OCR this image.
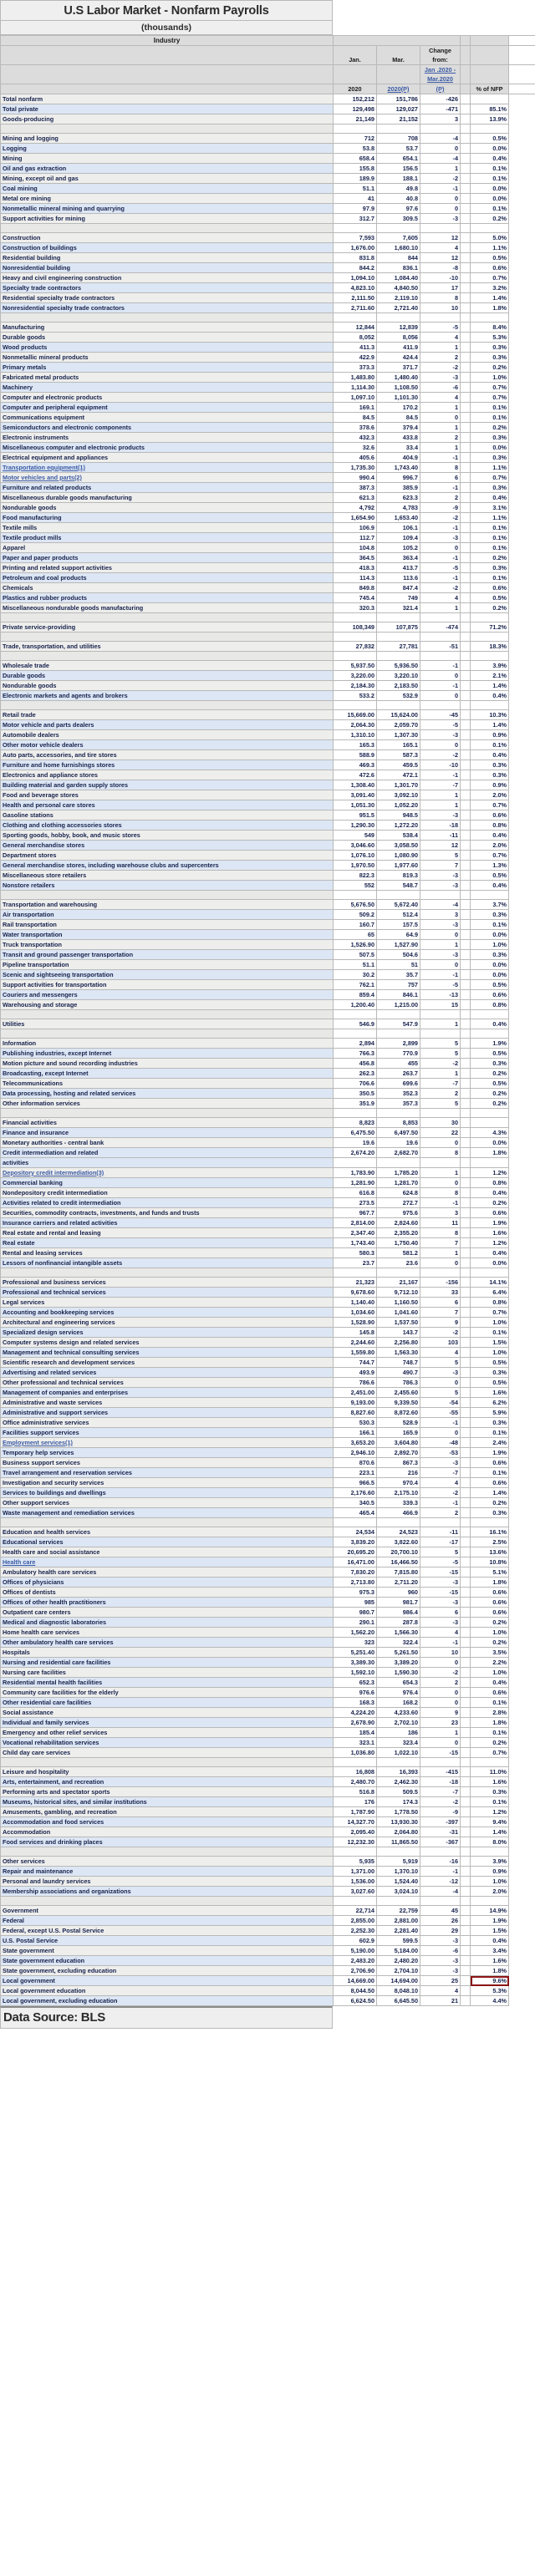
U.S Labor Market - Nonfarm Payrolls
(thousands)
Industry						
	Jan.	Mar.	Change from:			

			Jan .2020 -
Mar.2020			

	2020	2020(P)	(P)		% of NFP	
Total nonfarm	152,212	151,786	-426			
Total private	129,498	129,027	-471		85.1%	
Goods-producing	21,149	21,152	3		13.9%	

Mining and logging	712	708	-4		0.5%	
Logging	53.8	53.7	0		0.0%	
Mining	658.4	654.1	-4		0.4%	
Oil and gas extraction	155.8	156.5	1		0.1%	
Mining, except oil and gas	189.9	188.1	-2		0.1%	
Coal mining	51.1	49.8	-1		0.0%	
Metal ore mining	41	40.8	0		0.0%	
Nonmetallic mineral mining and quarrying	97.9	97.6	0		0.1%	
Support activities for mining	312.7	309.5	-3		0.2%	

Construction	7,593	7,605	12		5.0%	
Construction of buildings	1,676.00	1,680.10	4		1.1%	
Residential building	831.8	844	12		0.5%	
Nonresidential building	844.2	836.1	-8		0.6%	
Heavy and civil engineering construction	1,094.10	1,084.40	-10		0.7%	
Specialty trade contractors	4,823.10	4,840.50	17		3.2%	
Residential specialty trade contractors	2,111.50	2,119.10	8		1.4%	
Nonresidential specialty trade contractors	2,711.60	2,721.40	10		1.8%	

Manufacturing	12,844	12,839	-5		8.4%	
Durable goods	8,052	8,056	4		5.3%	
Wood products	411.3	411.9	1		0.3%	
Nonmetallic mineral products	422.9	424.4	2		0.3%	
Primary metals	373.3	371.7	-2		0.2%	
Fabricated metal products	1,483.80	1,480.40	-3		1.0%	
Machinery	1,114.30	1,108.50	-6		0.7%	
Computer and electronic products	1,097.10	1,101.30	4		0.7%	
Computer and peripheral equipment	169.1	170.2	1		0.1%	
Communications equipment	84.5	84.5	0		0.1%	
Semiconductors and electronic components	378.6	379.4	1		0.2%	
Electronic instruments	432.3	433.8	2		0.3%	
Miscellaneous computer and electronic products	32.6	33.4	1		0.0%	
Electrical equipment and appliances	405.6	404.9	-1		0.3%	
Transportation equipment(1)	1,735.30	1,743.40	8		1.1%	
Motor vehicles and parts(2)	990.4	996.7	6		0.7%	
Furniture and related products	387.3	385.9	-1		0.3%	
Miscellaneous durable goods manufacturing	621.3	623.3	2		0.4%	
Nondurable goods	4,792	4,783	-9		3.1%	
Food manufacturing	1,654.90	1,653.40	-2		1.1%	
Textile mills	106.9	106.1	-1		0.1%	
Textile product mills	112.7	109.4	-3		0.1%	
Apparel	104.8	105.2	0		0.1%	
Paper and paper products	364.5	363.4	-1		0.2%	
Printing and related support activities	418.3	413.7	-5		0.3%	
Petroleum and coal products	114.3	113.6	-1		0.1%	
Chemicals	849.8	847.4	-2		0.6%	
Plastics and rubber products	745.4	749	4		0.5%	
Miscellaneous nondurable goods manufacturing	320.3	321.4	1		0.2%	

Private service-providing	108,349	107,875	-474		71.2%	

Trade, transportation, and utilities	27,832	27,781	-51		18.3%	

Wholesale trade	5,937.50	5,936.50	-1		3.9%	
Durable goods	3,220.00	3,220.10	0		2.1%	
Nondurable goods	2,184.30	2,183.50	-1		1.4%	
Electronic markets and agents and brokers	533.2	532.9	0		0.4%	

Retail trade	15,669.00	15,624.00	-45		10.3%	
Motor vehicle and parts dealers	2,064.30	2,059.70	-5		1.4%	
Automobile dealers	1,310.10	1,307.30	-3		0.9%	
Other motor vehicle dealers	165.3	165.1	0		0.1%	
Auto parts, accessories, and tire stores	588.9	587.3	-2		0.4%	
Furniture and home furnishings stores	469.3	459.5	-10		0.3%	
Electronics and appliance stores	472.6	472.1	-1		0.3%	
Building material and garden supply stores	1,308.40	1,301.70	-7		0.9%	
Food and beverage stores	3,091.40	3,092.10	1		2.0%	
Health and personal care stores	1,051.30	1,052.20	1		0.7%	
Gasoline stations	951.5	948.5	-3		0.6%	
Clothing and clothing accessories stores	1,290.30	1,272.20	-18		0.8%	
Sporting goods, hobby, book, and music stores	549	538.4	-11		0.4%	
General merchandise stores	3,046.60	3,058.50	12		2.0%	
Department stores	1,076.10	1,080.90	5		0.7%	
General merchandise stores, including warehouse clubs and supercenters	1,970.50	1,977.60	7		1.3%	
Miscellaneous store retailers	822.3	819.3	-3		0.5%	
Nonstore retailers	552	548.7	-3		0.4%	

Transportation and warehousing	5,676.50	5,672.40	-4		3.7%	
Air transportation	509.2	512.4	3		0.3%	
Rail transportation	160.7	157.5	-3		0.1%	
Water transportation	65	64.9	0		0.0%	
Truck transportation	1,526.90	1,527.90	1		1.0%	
Transit and ground passenger transportation	507.5	504.6	-3		0.3%	
Pipeline transportation	51.1	51	0		0.0%	
Scenic and sightseeing transportation	30.2	35.7	-1		0.0%	
Support activities for transportation	762.1	757	-5		0.5%	
Couriers and messengers	859.4	846.1	-13		0.6%	
Warehousing and storage	1,200.40	1,215.00	15		0.8%	

Utilities	546.9	547.9	1		0.4%	

Information	2,894	2,899	5		1.9%	
Publishing industries, except Internet	766.3	770.9	5		0.5%	
Motion picture and sound recording industries	456.8	455	-2		0.3%	
Broadcasting, except Internet	262.3	263.7	1		0.2%	
Telecommunications	706.6	699.6	-7		0.5%	
Data processing, hosting and related services	350.5	352.3	2		0.2%	
Other information services	351.9	357.3	5		0.2%	

Financial activities	8,823	8,853	30			
Finance and insurance	6,475.50	6,497.50	22		4.3%	
Monetary authorities - central bank	19.6	19.6	0		0.0%	
Credit intermediation and related	2,674.20	2,682.70	8		1.8%	
activities						
Depository credit intermediation(3)	1,783.90	1,785.20	1		1.2%	
Commercial banking	1,281.90	1,281.70	0		0.8%	
Nondepository credit intermediation	616.8	624.8	8		0.4%	
Activities related to credit intermediation	273.5	272.7	-1		0.2%	
Securities, commodity contracts, investments, and funds and trusts	967.7	975.6	3		0.6%	
Insurance carriers and related activities	2,814.00	2,824.60	11		1.9%	
Real estate and rental and leasing	2,347.40	2,355.20	8		1.6%	
Real estate	1,743.40	1,750.40	7		1.2%	
Rental and leasing services	580.3	581.2	1		0.4%	
Lessors of nonfinancial intangible assets	23.7	23.6	0		0.0%	

Professional and business services	21,323	21,167	-156		14.1%	
Professional and technical services	9,678.60	9,712.10	33		6.4%	
Legal services	1,140.40	1,160.50	6		0.8%	
Accounting and bookkeeping services	1,034.60	1,041.60	7		0.7%	
Architectural and engineering services	1,528.90	1,537.50	9		1.0%	
Specialized design services	145.8	143.7	-2		0.1%	
Computer systems design and related services	2,244.60	2,256.80	103		1.5%	
Management and technical consulting services	1,559.80	1,563.30	4		1.0%	
Scientific research and development services	744.7	748.7	5		0.5%	
Advertising and related services	493.9	490.7	-3		0.3%	
Other professional and technical services	786.6	786.3	0		0.5%	
Management of companies and enterprises	2,451.00	2,455.60	5		1.6%	
Administrative and waste services	9,193.00	9,339.50	-54		6.2%	
Administrative and support services	8,827.60	8,872.60	-55		5.9%	
Office administrative services	530.3	528.9	-1		0.3%	
Facilities support services	166.1	165.9	0		0.1%	
Employment services(1)	3,653.20	3,604.80	-48		2.4%	
Temporary help services	2,946.10	2,892.70	-53		1.9%	
Business support services	870.6	867.3	-3		0.6%	
Travel arrangement and reservation services	223.1	216	-7		0.1%	
Investigation and security services	966.5	970.4	4		0.6%	
Services to buildings and dwellings	2,176.60	2,175.10	-2		1.4%	
Other support services	340.5	339.3	-1		0.2%	
Waste management and remediation services	465.4	466.9	2		0.3%	

Education and health services	24,534	24,523	-11		16.1%	
Educational services	3,839.20	3,822.60	-17		2.5%	
Health care and social assistance	20,695.20	20,700.10	5		13.6%	
Health care	16,471.00	16,466.50	-5		10.8%	
Ambulatory health care services	7,830.20	7,815.80	-15		5.1%	
Offices of physicians	2,713.80	2,711.20	-3		1.8%	
Offices of dentists	975.3	960	-15		0.6%	
Offices of other health practitioners	985	981.7	-3		0.6%	
Outpatient care centers	980.7	986.4	6		0.6%	
Medical and diagnostic laboratories	290.1	287.8	-3		0.2%	
Home health care services	1,562.20	1,566.30	4		1.0%	
Other ambulatory health care services	323	322.4	-1		0.2%	
Hospitals	5,251.40	5,261.50	10		3.5%	
Nursing and residential care facilities	3,389.30	3,389.20	0		2.2%	
Nursing care facilities	1,592.10	1,590.30	-2		1.0%	
Residential mental health facilities	652.3	654.3	2		0.4%	
Community care facilities for the elderly	976.6	976.4	0		0.6%	
Other residential care facilities	168.3	168.2	0		0.1%	
Social assistance	4,224.20	4,233.60	9		2.8%	
Individual and family services	2,678.90	2,702.10	23		1.8%	
Emergency and other relief services	185.4	186	1		0.1%	
Vocational rehabilitation services	323.1	323.4	0		0.2%	
Child day care services	1,036.80	1,022.10	-15		0.7%	

Leisure and hospitality	16,808	16,393	-415		11.0%	
Arts, entertainment, and recreation	2,480.70	2,462.30	-18		1.6%	
Performing arts and spectator sports	516.8	509.5	-7		0.3%	
Museums, historical sites, and similar institutions	176	174.3	-2		0.1%	
Amusements, gambling, and recreation	1,787.90	1,778.50	-9		1.2%	
Accommodation and food services	14,327.70	13,930.30	-397		9.4%	
Accommodation	2,095.40	2,064.80	-31		1.4%	
Food services and drinking places	12,232.30	11,865.50	-367		8.0%	

Other services	5,935	5,919	-16		3.9%	
Repair and maintenance	1,371.00	1,370.10	-1		0.9%	
Personal and laundry services	1,536.00	1,524.40	-12		1.0%	
Membership associations and organizations	3,027.60	3,024.10	-4		2.0%	

Government	22,714	22,759	45		14.9%	
Federal	2,855.00	2,881.00	26		1.9%	
Federal, except U.S. Postal Service	2,252.30	2,281.40	29		1.5%	
U.S. Postal Service	602.9	599.5	-3		0.4%	
State government	5,190.00	5,184.00	-6		3.4%	
State government education	2,483.20	2,480.20	-3		1.6%	
State government, excluding education	2,706.90	2,704.10	-3		1.8%	
Local government	14,669.00	14,694.00	25		9.6%	
Local government education	8,044.50	8,048.10	4		5.3%	
Local government, excluding education	6,624.50	6,645.50	21		4.4%	
Data Source: BLS
